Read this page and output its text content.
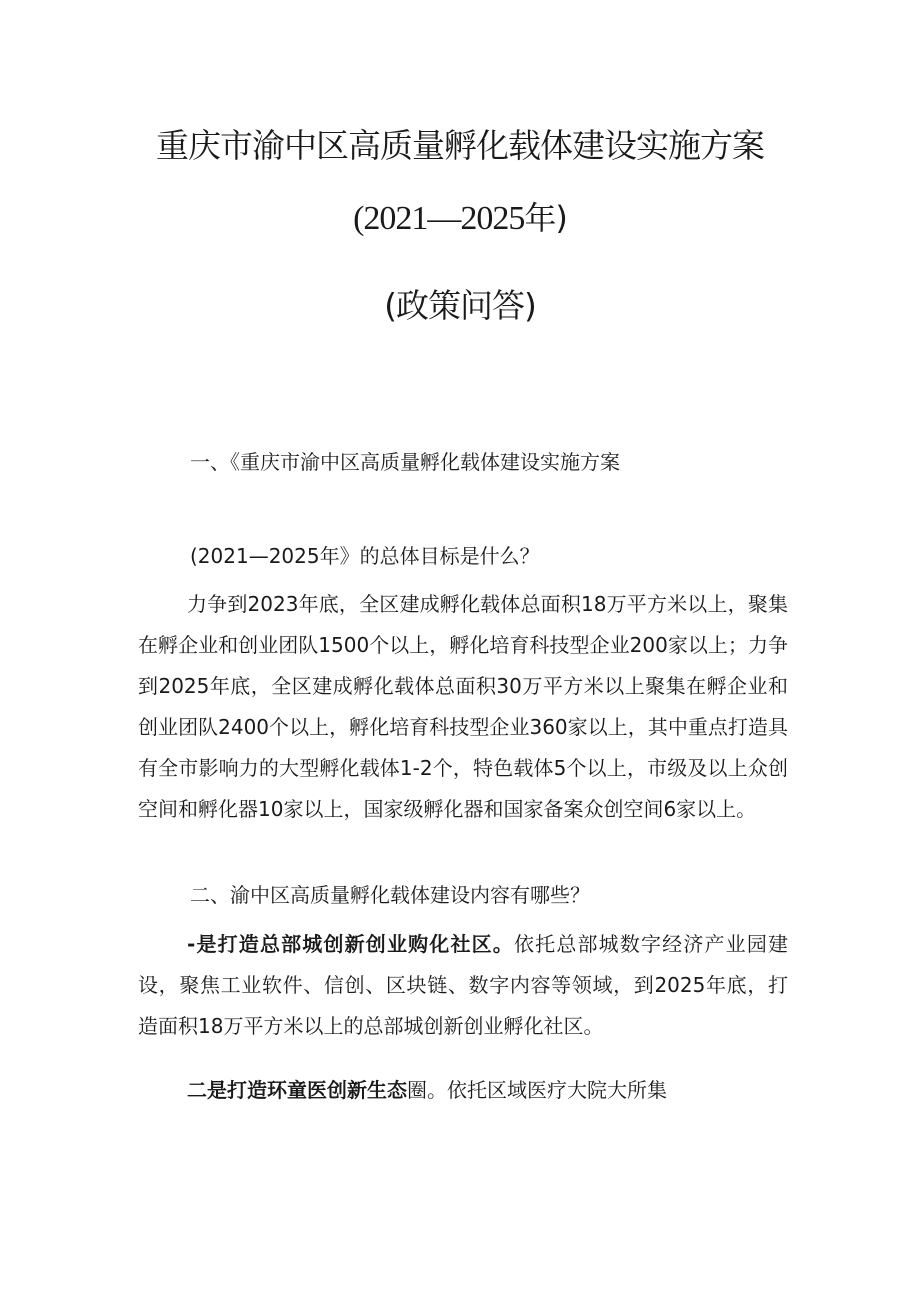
重庆市渝中区高质量孵化载体建设实施方案
(2021—2025年)
(政策问答)
一、《重庆市渝中区高质量孵化载体建设实施方案
(2021—2025年》的总体目标是什么？
力争到2023年底，全区建成孵化载体总面积18万平方米以上，聚集在孵企业和创业团队1500个以上，孵化培育科技型企业200家以上；力争到2025年底，全区建成孵化载体总面积30万平方米以上聚集在孵企业和创业团队2400个以上，孵化培育科技型企业360家以上，其中重点打造具有全市影响力的大型孵化载体1-2个，特色载体5个以上，市级及以上众创空间和孵化器10家以上，国家级孵化器和国家备案众创空间6家以上。
二、渝中区高质量孵化载体建设内容有哪些？
-是打造总部城创新创业购化社区。依托总部城数字经济产业园建设，聚焦工业软件、信创、区块链、数字内容等领域，到2025年底，打造面积18万平方米以上的总部城创新创业孵化社区。
二是打造环童医创新生态圈。依托区域医疗大院大所集
